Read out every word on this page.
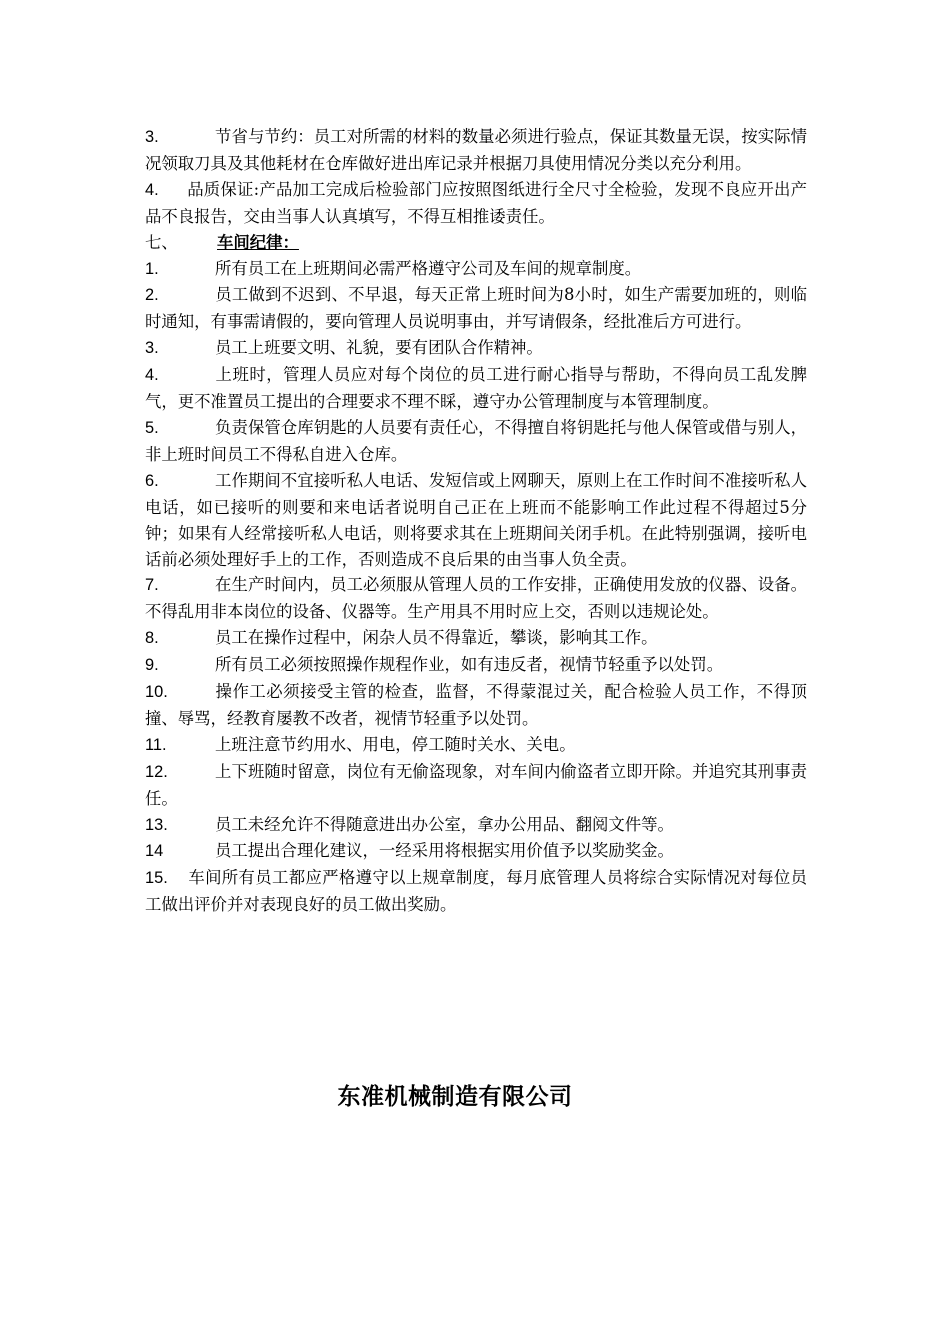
3.	节省与节约：员工对所需的材料的数量必须进行验点，保证其数量无误，按实际情况领取刀具及其他耗材在仓库做好进出库记录并根据刀具使用情况分类以充分利用。

4. 品质保证:产品加工完成后检验部门应按照图纸进行全尺寸全检验，发现不良应开出产品不良报告，交由当事人认真填写，不得互相推诿责任。

七、	车间纪律：

1.	所有员工在上班期间必需严格遵守公司及车间的规章制度。

2.	员工做到不迟到、不早退，每天正常上班时间为8小时，如生产需要加班的，则临时通知，有事需请假的，要向管理人员说明事由，并写请假条，经批准后方可进行。

3.	员工上班要文明、礼貌，要有团队合作精神。

4.	上班时，管理人员应对每个岗位的员工进行耐心指导与帮助，不得向员工乱发脾气，更不准置员工提出的合理要求不理不睬，遵守办公管理制度与本管理制度。

5.	负责保管仓库钥匙的人员要有责任心，不得擅自将钥匙托与他人保管或借与别人，非上班时间员工不得私自进入仓库。

6.	工作期间不宜接听私人电话、发短信或上网聊天，原则上在工作时间不准接听私人电话，如已接听的则要和来电话者说明自己正在上班而不能影响工作此过程不得超过5分钟；如果有人经常接听私人电话，则将要求其在上班期间关闭手机。在此特别强调，接听电话前必须处理好手上的工作，否则造成不良后果的由当事人负全责。

7.	在生产时间内，员工必须服从管理人员的工作安排，正确使用发放的仪器、设备。不得乱用非本岗位的设备、仪器等。生产用具不用时应上交，否则以违规论处。

8.	员工在操作过程中，闲杂人员不得靠近，攀谈，影响其工作。

9.	所有员工必须按照操作规程作业，如有违反者，视情节轻重予以处罚。

10.	操作工必须接受主管的检查，监督，不得蒙混过关，配合检验人员工作，不得顶撞、辱骂，经教育屡教不改者，视情节轻重予以处罚。

11.	上班注意节约用水、用电，停工随时关水、关电。

12.	上下班随时留意，岗位有无偷盗现象，对车间内偷盗者立即开除。并追究其刑事责任。

13.	员工未经允许不得随意进出办公室，拿办公用品、翻阅文件等。

14	员工提出合理化建议，一经采用将根据实用价值予以奖励奖金。

15. 车间所有员工都应严格遵守以上规章制度，每月底管理人员将综合实际情况对每位员工做出评价并对表现良好的员工做出奖励。

东准机械制造有限公司
